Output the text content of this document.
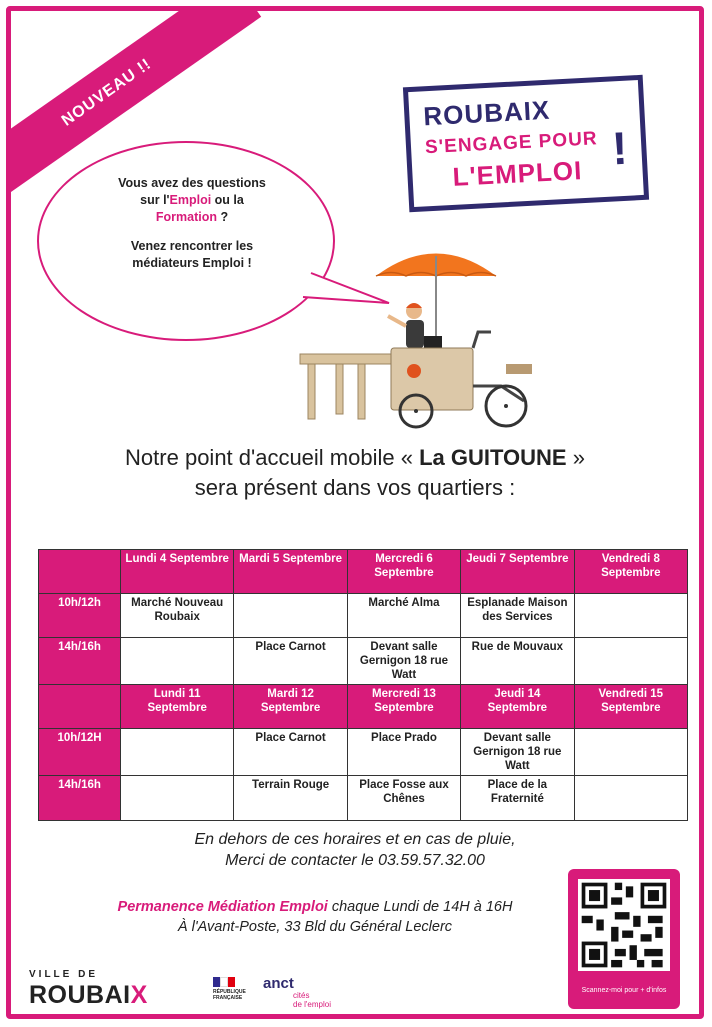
NOUVEAU !!	ROUBAIX
S'ENGAGE POUR
L'EMPLOI !

Vous avez des questions sur l'Emploi ou la Formation ?

Venez rencontrer les médiateurs Emploi !

Notre point d'accueil mobile « La GUITOUNE »
sera présent dans vos quartiers :
	Lundi 4 Septembre	Mardi 5 Septembre	Mercredi 6 Septembre	Jeudi 7 Septembre	Vendredi 8 Septembre
10h/12h	Marché Nouveau Roubaix		Marché Alma	Esplanade Maison des Services	
14h/16h		Place Carnot	Devant salle Gernigon 18 rue Watt	Rue de Mouvaux	
	Lundi 11 Septembre	Mardi 12 Septembre	Mercredi 13 Septembre	Jeudi 14 Septembre	Vendredi 15 Septembre
10h/12H		Place Carnot	Place Prado	Devant salle Gernigon 18 rue Watt	
14h/16h		Terrain Rouge	Place Fosse aux Chênes	Place de la Fraternité	
En dehors de ces horaires et en cas de pluie,
Merci de contacter le 03.59.57.32.00
Permanence Médiation Emploi chaque Lundi de 14H à 16H
À l'Avant-Poste, 33 Bld du Général Leclerc
Scannez-moi pour + d'infos
VILLE DE
ROUBAIX	RÉPUBLIQUE FRANÇAISE
anct
cités
de l'emploi
